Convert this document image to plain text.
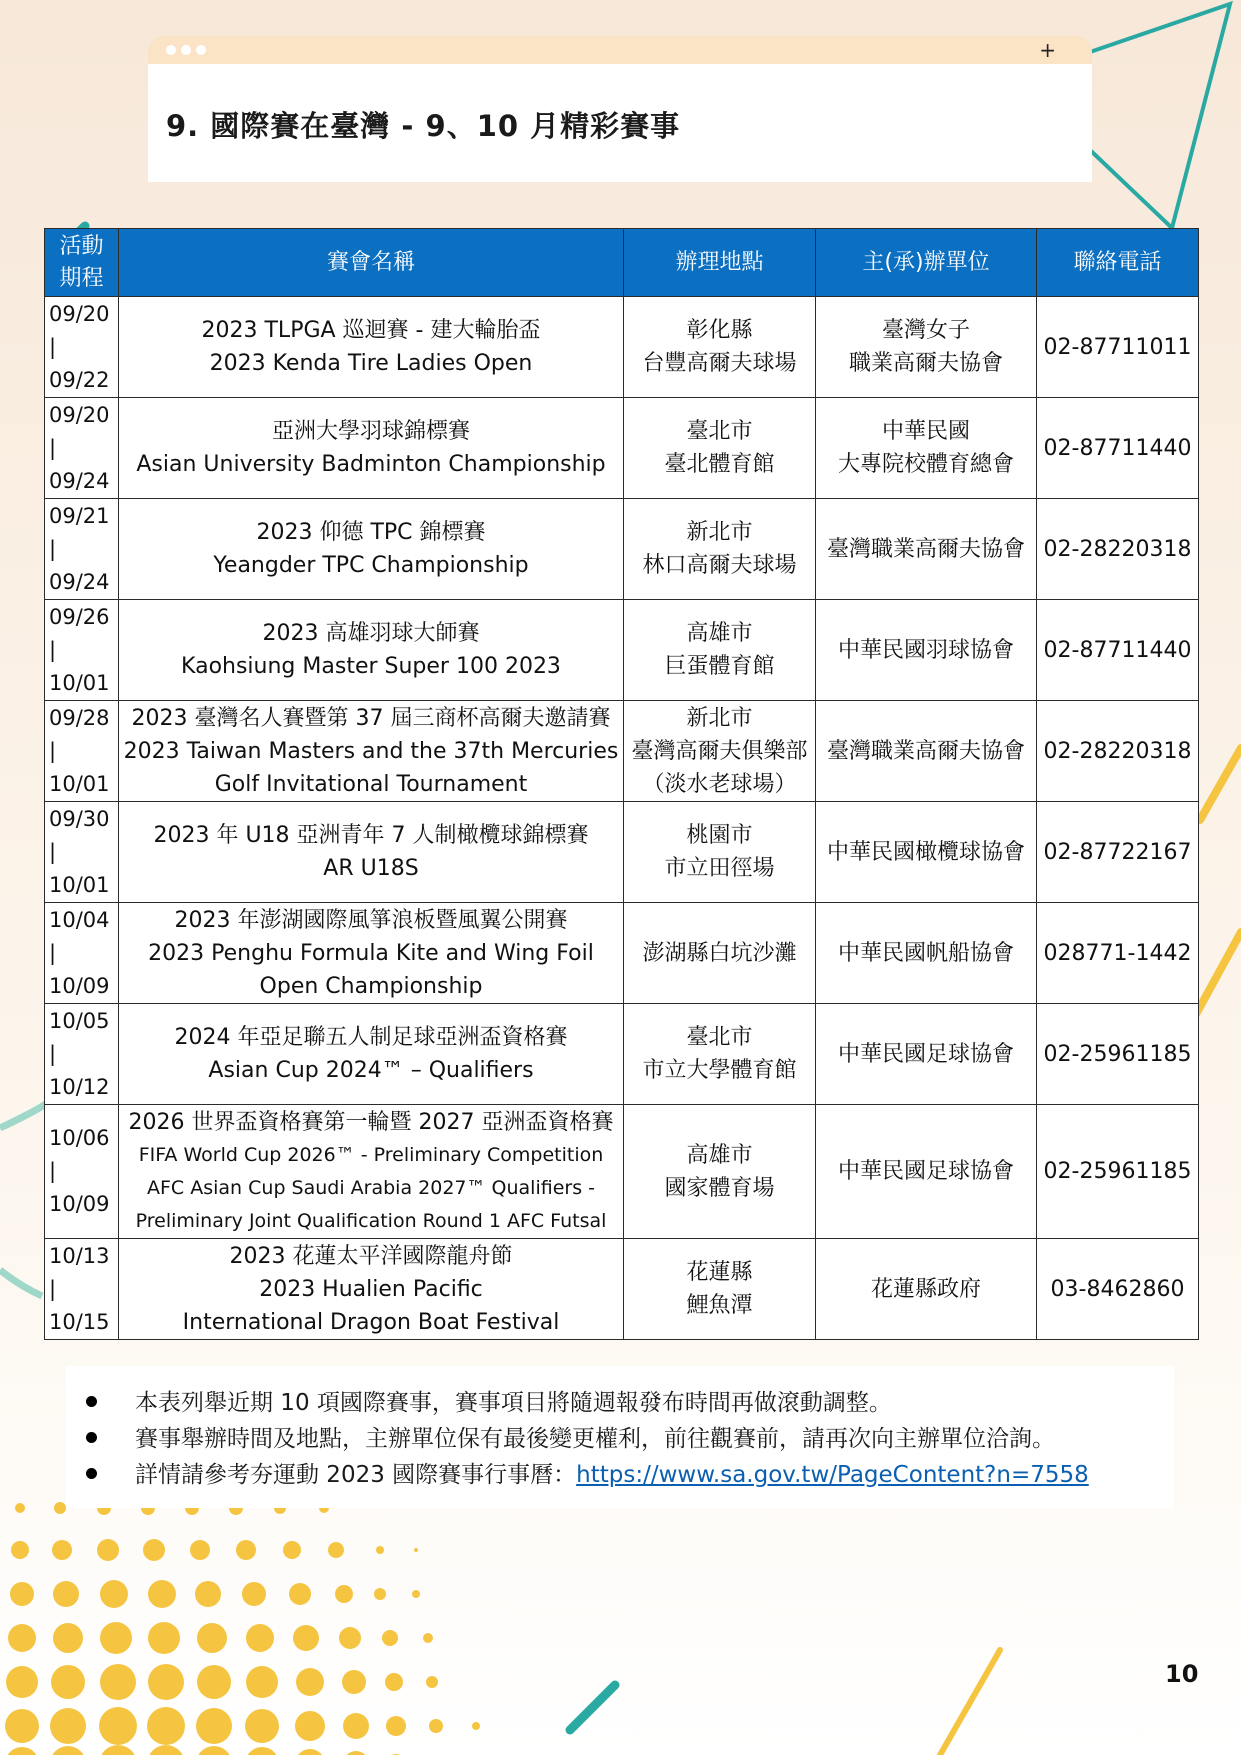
+
9. 國際賽在臺灣 - 9、10 月精彩賽事
活動
期程	賽會名稱	辦理地點	主(承)辦單位	聯絡電話

09/20
|
09/22	2023 TLPGA 巡迴賽 - 建大輪胎盃
2023 Kenda Tire Ladies Open	彰化縣
台豐高爾夫球場	臺灣女子
職業高爾夫協會	02-87711011

09/20
|
09/24	亞洲大學羽球錦標賽
Asian University Badminton Championship	臺北市
臺北體育館	中華民國
大專院校體育總會	02-87711440

09/21
|
09/24	2023 仰德 TPC 錦標賽
Yeangder TPC Championship	新北市
林口高爾夫球場	臺灣職業高爾夫協會	02-28220318

09/26
|
10/01	2023 高雄羽球大師賽
Kaohsiung Master Super 100 2023	高雄市
巨蛋體育館	中華民國羽球協會	02-87711440

09/28
|
10/01	2023 臺灣名人賽暨第 37 屆三商杯高爾夫邀請賽
2023 Taiwan Masters and the 37th Mercuries
Golf Invitational Tournament	新北市
臺灣高爾夫俱樂部
（淡水老球場）	臺灣職業高爾夫協會	02-28220318

09/30
|
10/01	2023 年 U18 亞洲青年 7 人制橄欖球錦標賽
AR U18S	桃園市
市立田徑場	中華民國橄欖球協會	02-87722167

10/04
|
10/09	2023 年澎湖國際風箏浪板暨風翼公開賽
2023 Penghu Formula Kite and Wing Foil
Open Championship	澎湖縣白坑沙灘	中華民國帆船協會	028771-1442

10/05
|
10/12	2024 年亞足聯五人制足球亞洲盃資格賽
Asian Cup 2024™ – Qualifiers	臺北市
市立大學體育館	中華民國足球協會	02-25961185

10/06
|
10/09	2026 世界盃資格賽第一輪暨 2027 亞洲盃資格賽
FIFA World Cup 2026™ - Preliminary Competition
AFC Asian Cup Saudi Arabia 2027™ Qualifiers -
Preliminary Joint Qualification Round 1 AFC Futsal	高雄市
國家體育場	中華民國足球協會	02-25961185

10/13
|
10/15	2023 花蓮太平洋國際龍舟節
2023 Hualien Pacific
International Dragon Boat Festival	花蓮縣
鯉魚潭	花蓮縣政府	03-8462860
本表列舉近期 10 項國際賽事，賽事項目將隨週報發布時間再做滾動調整。
賽事舉辦時間及地點，主辦單位保有最後變更權利，前往觀賽前，請再次向主辦單位洽詢。
詳情請參考夯運動 2023 國際賽事行事曆：https://www.sa.gov.tw/PageContent?n=7558
10
